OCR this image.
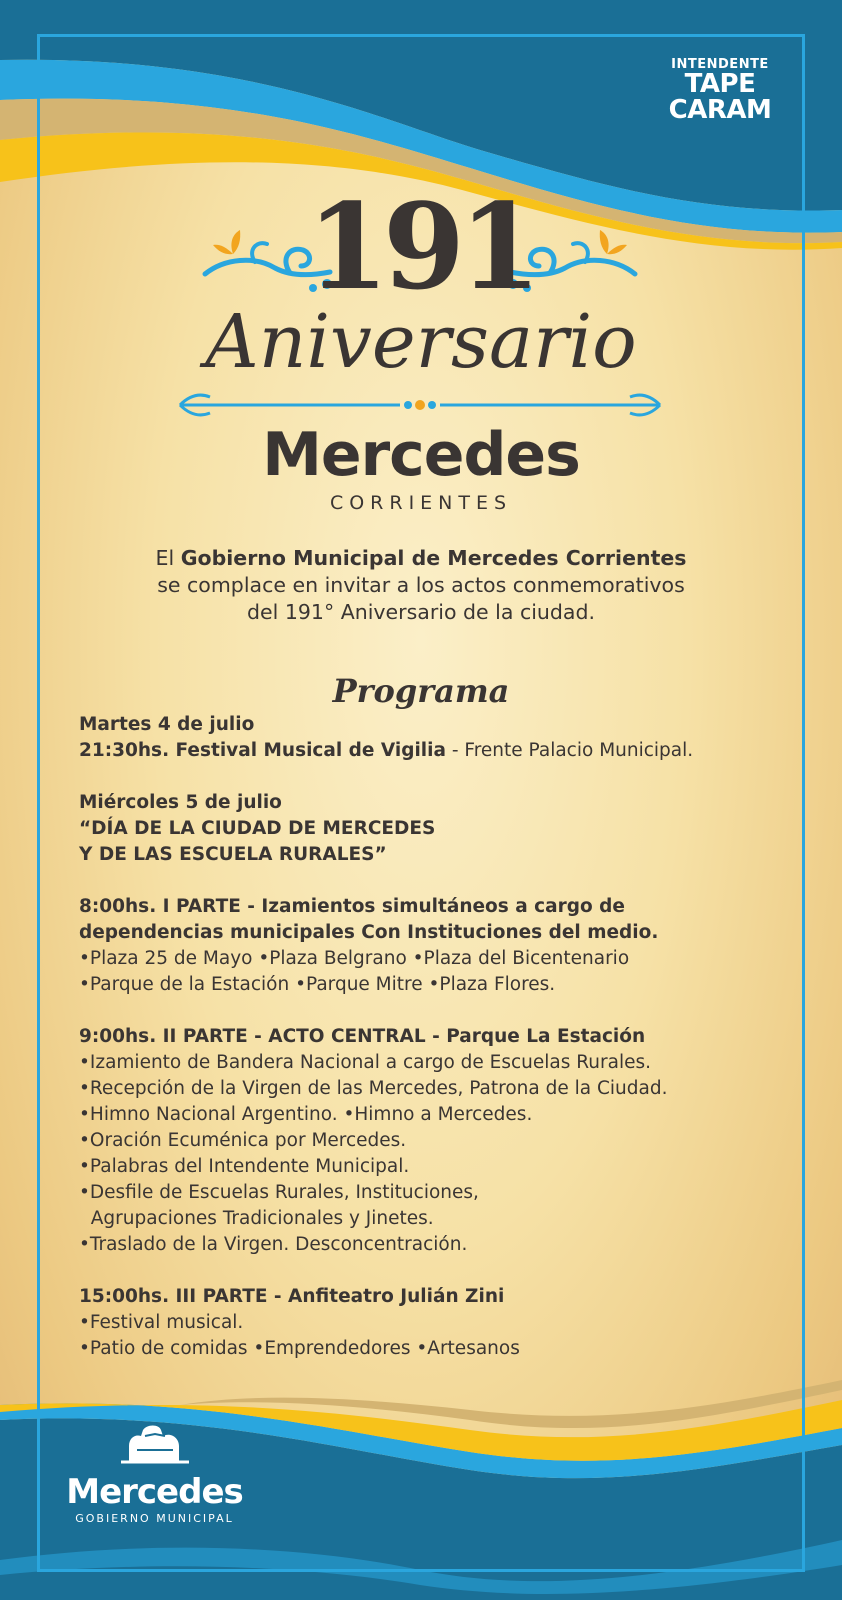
INTENDENTE
TAPE
CARAM
191
Aniversario
Mercedes
CORRIENTES
El Gobierno Municipal de Mercedes Corrientes
se complace en invitar a los actos conmemorativos
del 191° Aniversario de la ciudad.
Programa
Martes 4 de julio
21:30hs. Festival Musical de Vigilia - Frente Palacio Municipal.
Miércoles 5 de julio
“DÍA DE LA CIUDAD DE MERCEDES
Y DE LAS ESCUELA RURALES”
8:00hs. I PARTE - Izamientos simultáneos a cargo de
dependencias municipales Con Instituciones del medio.
•Plaza 25 de Mayo •Plaza Belgrano •Plaza del Bicentenario
•Parque de la Estación •Parque Mitre •Plaza Flores.
9:00hs. II PARTE - ACTO CENTRAL - Parque La Estación
•Izamiento de Bandera Nacional a cargo de Escuelas Rurales.
•Recepción de la Virgen de las Mercedes, Patrona de la Ciudad.
•Himno Nacional Argentino. •Himno a Mercedes.
•Oración Ecuménica por Mercedes.
•Palabras del Intendente Municipal.
•Desfile de Escuelas Rurales, Instituciones,
Agrupaciones Tradicionales y Jinetes.
•Traslado de la Virgen. Desconcentración.
15:00hs. III PARTE - Anfiteatro Julián Zini
•Festival musical.
•Patio de comidas •Emprendedores •Artesanos
Mercedes
GOBIERNO MUNICIPAL
